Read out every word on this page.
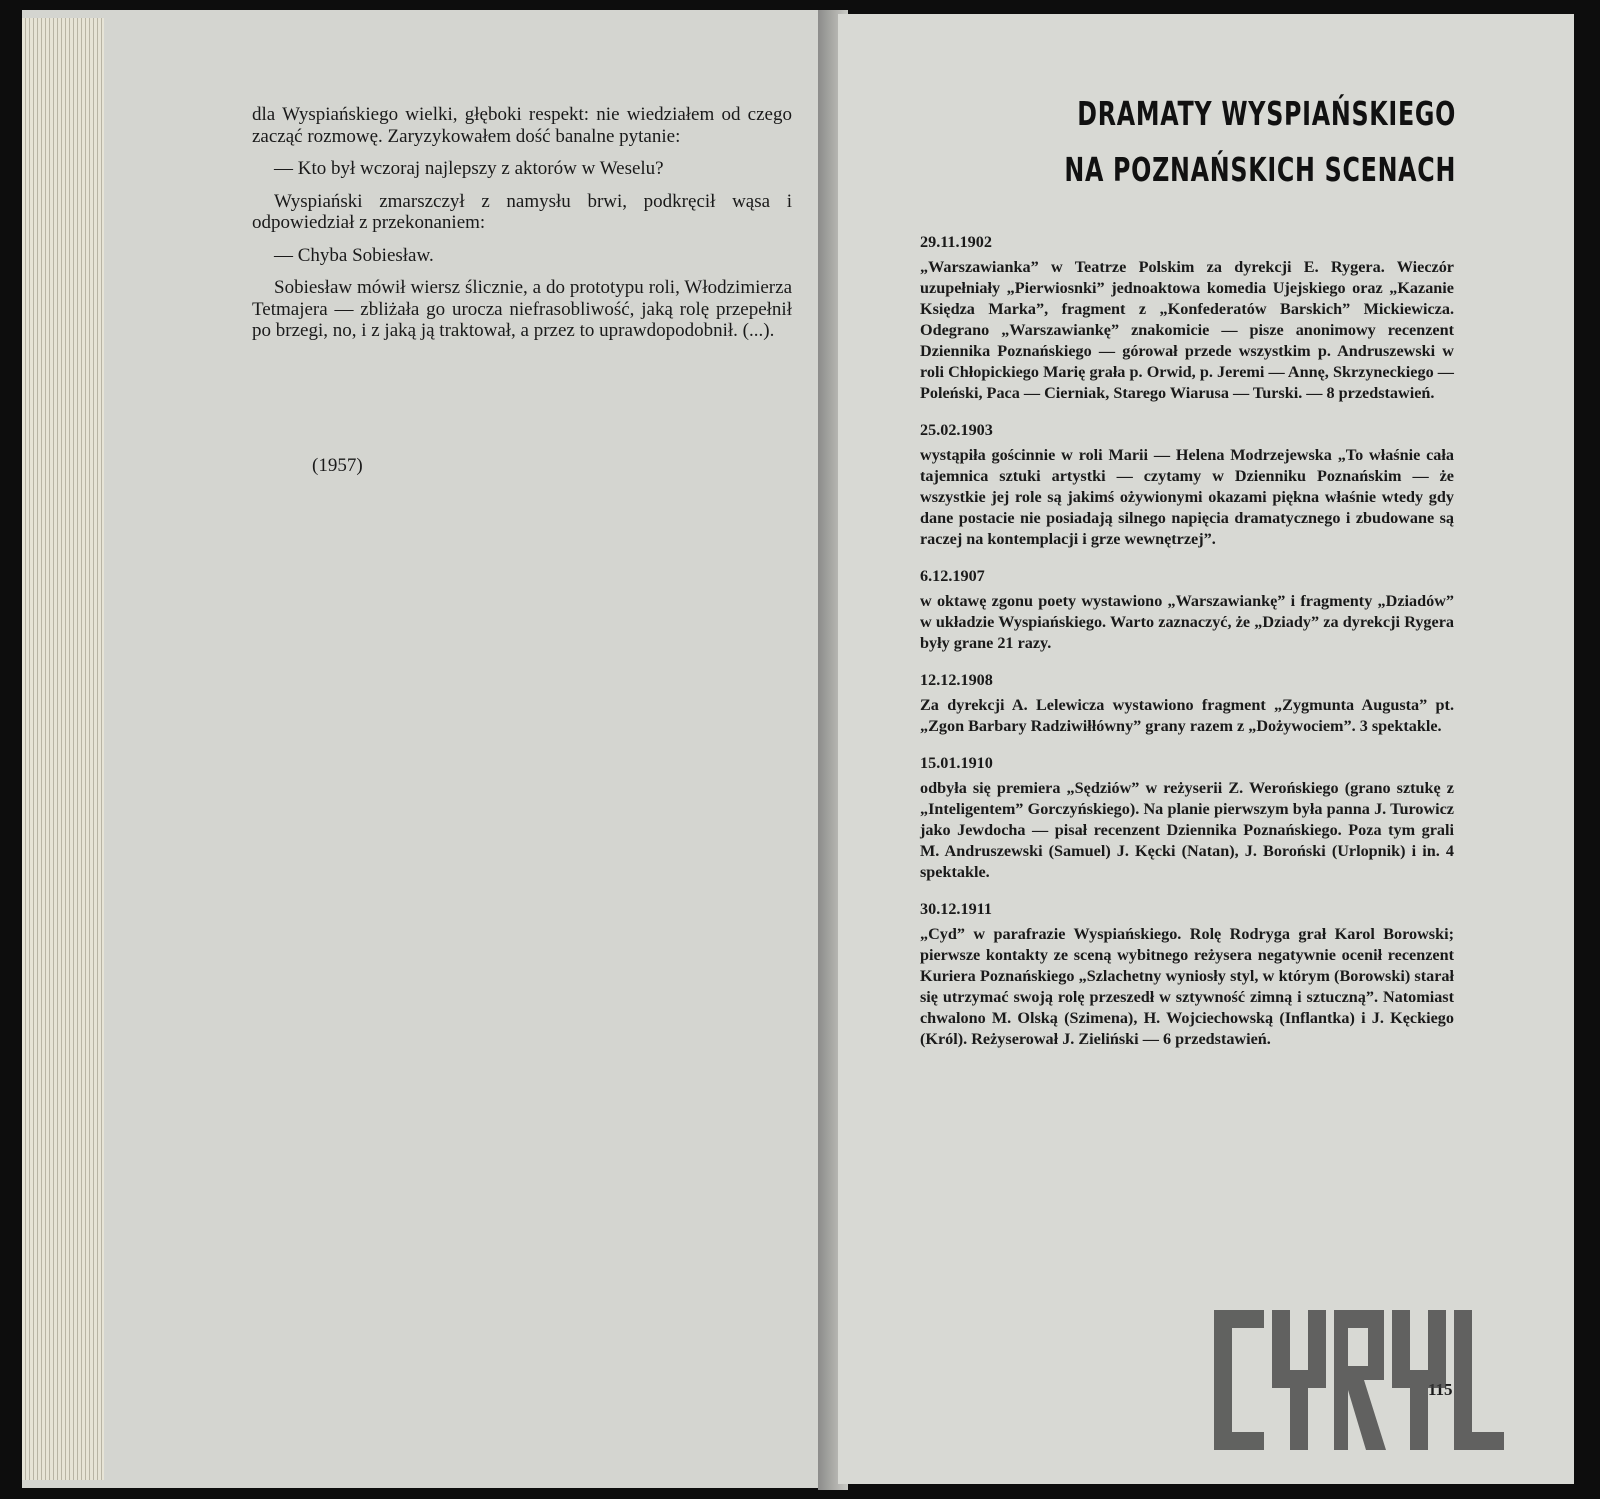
dla Wyspiańskiego wielki, głęboki respekt: nie wiedziałem od czego zacząć rozmowę. Zaryzykowałem dość banalne pytanie:

— Kto był wczoraj najlepszy z aktorów w Weselu?

Wyspiański zmarszczył z namysłu brwi, podkręcił wąsa i odpowiedział z przekonaniem:

— Chyba Sobiesław.

Sobiesław mówił wiersz ślicznie, a do prototypu roli, Włodzimierza Tetmajera — zbliżała go urocza niefrasobliwość, jaką rolę przepełnił po brzegi, no, i z jaką ją traktował, a przez to uprawdopodobnił. (...).

(1957)
DRAMATY WYSPIAŃSKIEGO
NA POZNAŃSKICH SCENACH
29.11.1902
„Warszawianka” w Teatrze Polskim za dyrekcji E. Rygera. Wieczór uzupełniały „Pierwiosnki” jednoaktowa komedia Ujejskiego oraz „Kazanie Księdza Marka”, fragment z „Konfederatów Barskich” Mickiewicza. Odegrano „Warszawiankę” znakomicie — pisze anonimowy recenzent Dziennika Poznańskiego — górował przede wszystkim p. Andruszewski w roli Chłopickiego Marię grała p. Orwid, p. Jeremi — Annę, Skrzyneckiego — Poleński, Paca — Cierniak, Starego Wiarusa — Turski. — 8 przedstawień.
25.02.1903
wystąpiła gościnnie w roli Marii — Helena Modrzejewska „To właśnie cała tajemnica sztuki artystki — czytamy w Dzienniku Poznańskim — że wszystkie jej role są jakimś ożywionymi okazami piękna właśnie wtedy gdy dane postacie nie posiadają silnego napięcia dramatycznego i zbudowane są raczej na kontemplacji i grze wewnętrzej”.
6.12.1907
w oktawę zgonu poety wystawiono „Warszawiankę” i fragmenty „Dziadów” w układzie Wyspiańskiego. Warto zaznaczyć, że „Dziady” za dyrekcji Rygera były grane 21 razy.
12.12.1908
Za dyrekcji A. Lelewicza wystawiono fragment „Zygmunta Augusta” pt. „Zgon Barbary Radziwiłłówny” grany razem z „Dożywociem”. 3 spektakle.
15.01.1910
odbyła się premiera „Sędziów” w reżyserii Z. Werońskiego (grano sztukę z „Inteligentem” Gorczyńskiego). Na planie pierwszym była panna J. Turowicz jako Jewdocha — pisał recenzent Dziennika Poznańskiego. Poza tym grali M. Andruszewski (Samuel) J. Kęcki (Natan), J. Boroński (Urlopnik) i in. 4 spektakle.
30.12.1911
„Cyd” w parafrazie Wyspiańskiego. Rolę Rodryga grał Karol Borowski; pierwsze kontakty ze sceną wybitnego reżysera negatywnie ocenił recenzent Kuriera Poznańskiego „Szlachetny wyniosły styl, w którym (Borowski) starał się utrzymać swoją rolę przeszedł w sztywność zimną i sztuczną”. Natomiast chwalono M. Olską (Szimena), H. Wojciechowską (Inflantka) i J. Kęckiego (Król). Reżyserował J. Zieliński — 6 przedstawień.
115
